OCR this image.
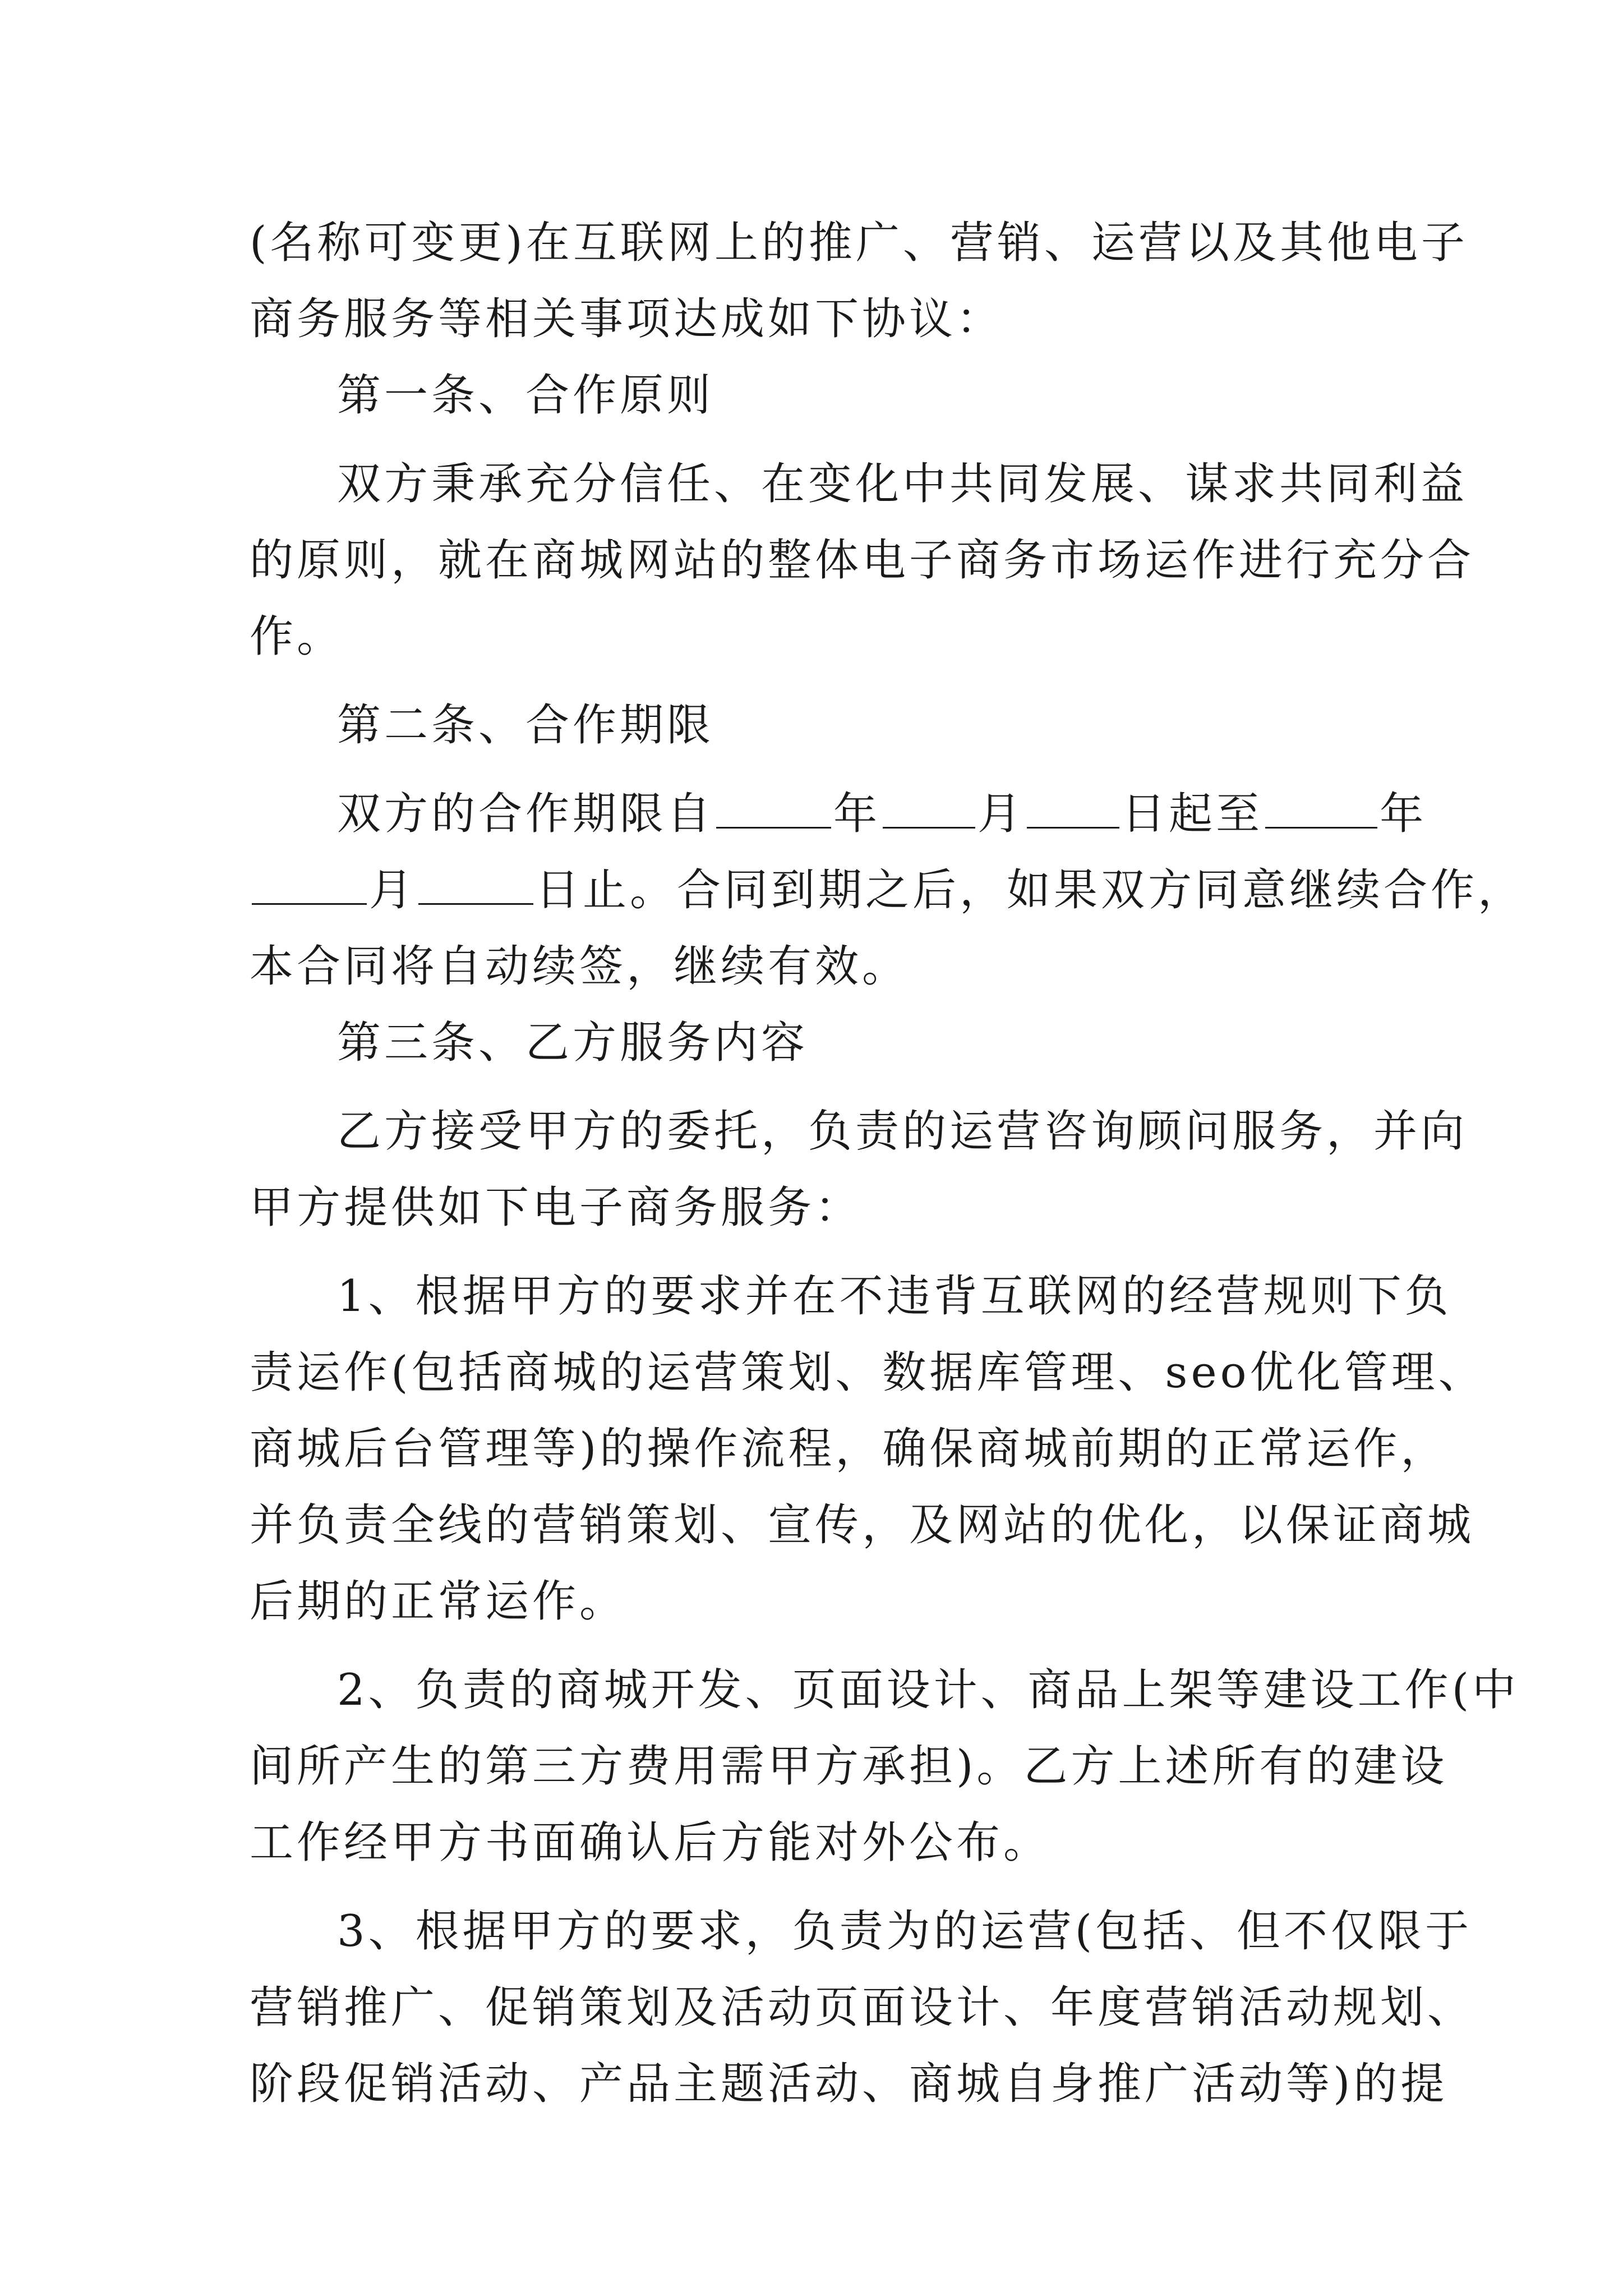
(名称可变更)在互联网上的推广、营销、运营以及其他电子

商务服务等相关事项达成如下协议：

第一条、合作原则

双方秉承充分信任、在变化中共同发展、谋求共同利益

的原则，就在商城网站的整体电子商务市场运作进行充分合

作。

第二条、合作期限

双方的合作期限自	年 月 日起至	年

月	日止。合同到期之后，如果双方同意继续合作，

本合同将自动续签，继续有效。

第三条、乙方服务内容

乙方接受甲方的委托，负责的运营咨询顾问服务，并向

甲方提供如下电子商务服务：

1、根据甲方的要求并在不违背互联网的经营规则下负

责运作(包括商城的运营策划、数据库管理、seo优化管理、

商城后台管理等)的操作流程，确保商城前期的正常运作，

并负责全线的营销策划、宣传，及网站的优化，以保证商城

后期的正常运作。

2、负责的商城开发、页面设计、商品上架等建设工作(中

间所产生的第三方费用需甲方承担)。乙方上述所有的建设

工作经甲方书面确认后方能对外公布。

3、根据甲方的要求，负责为的运营(包括、但不仅限于

营销推广、促销策划及活动页面设计、年度营销活动规划、

阶段促销活动、产品主题活动、商城自身推广活动等)的提
